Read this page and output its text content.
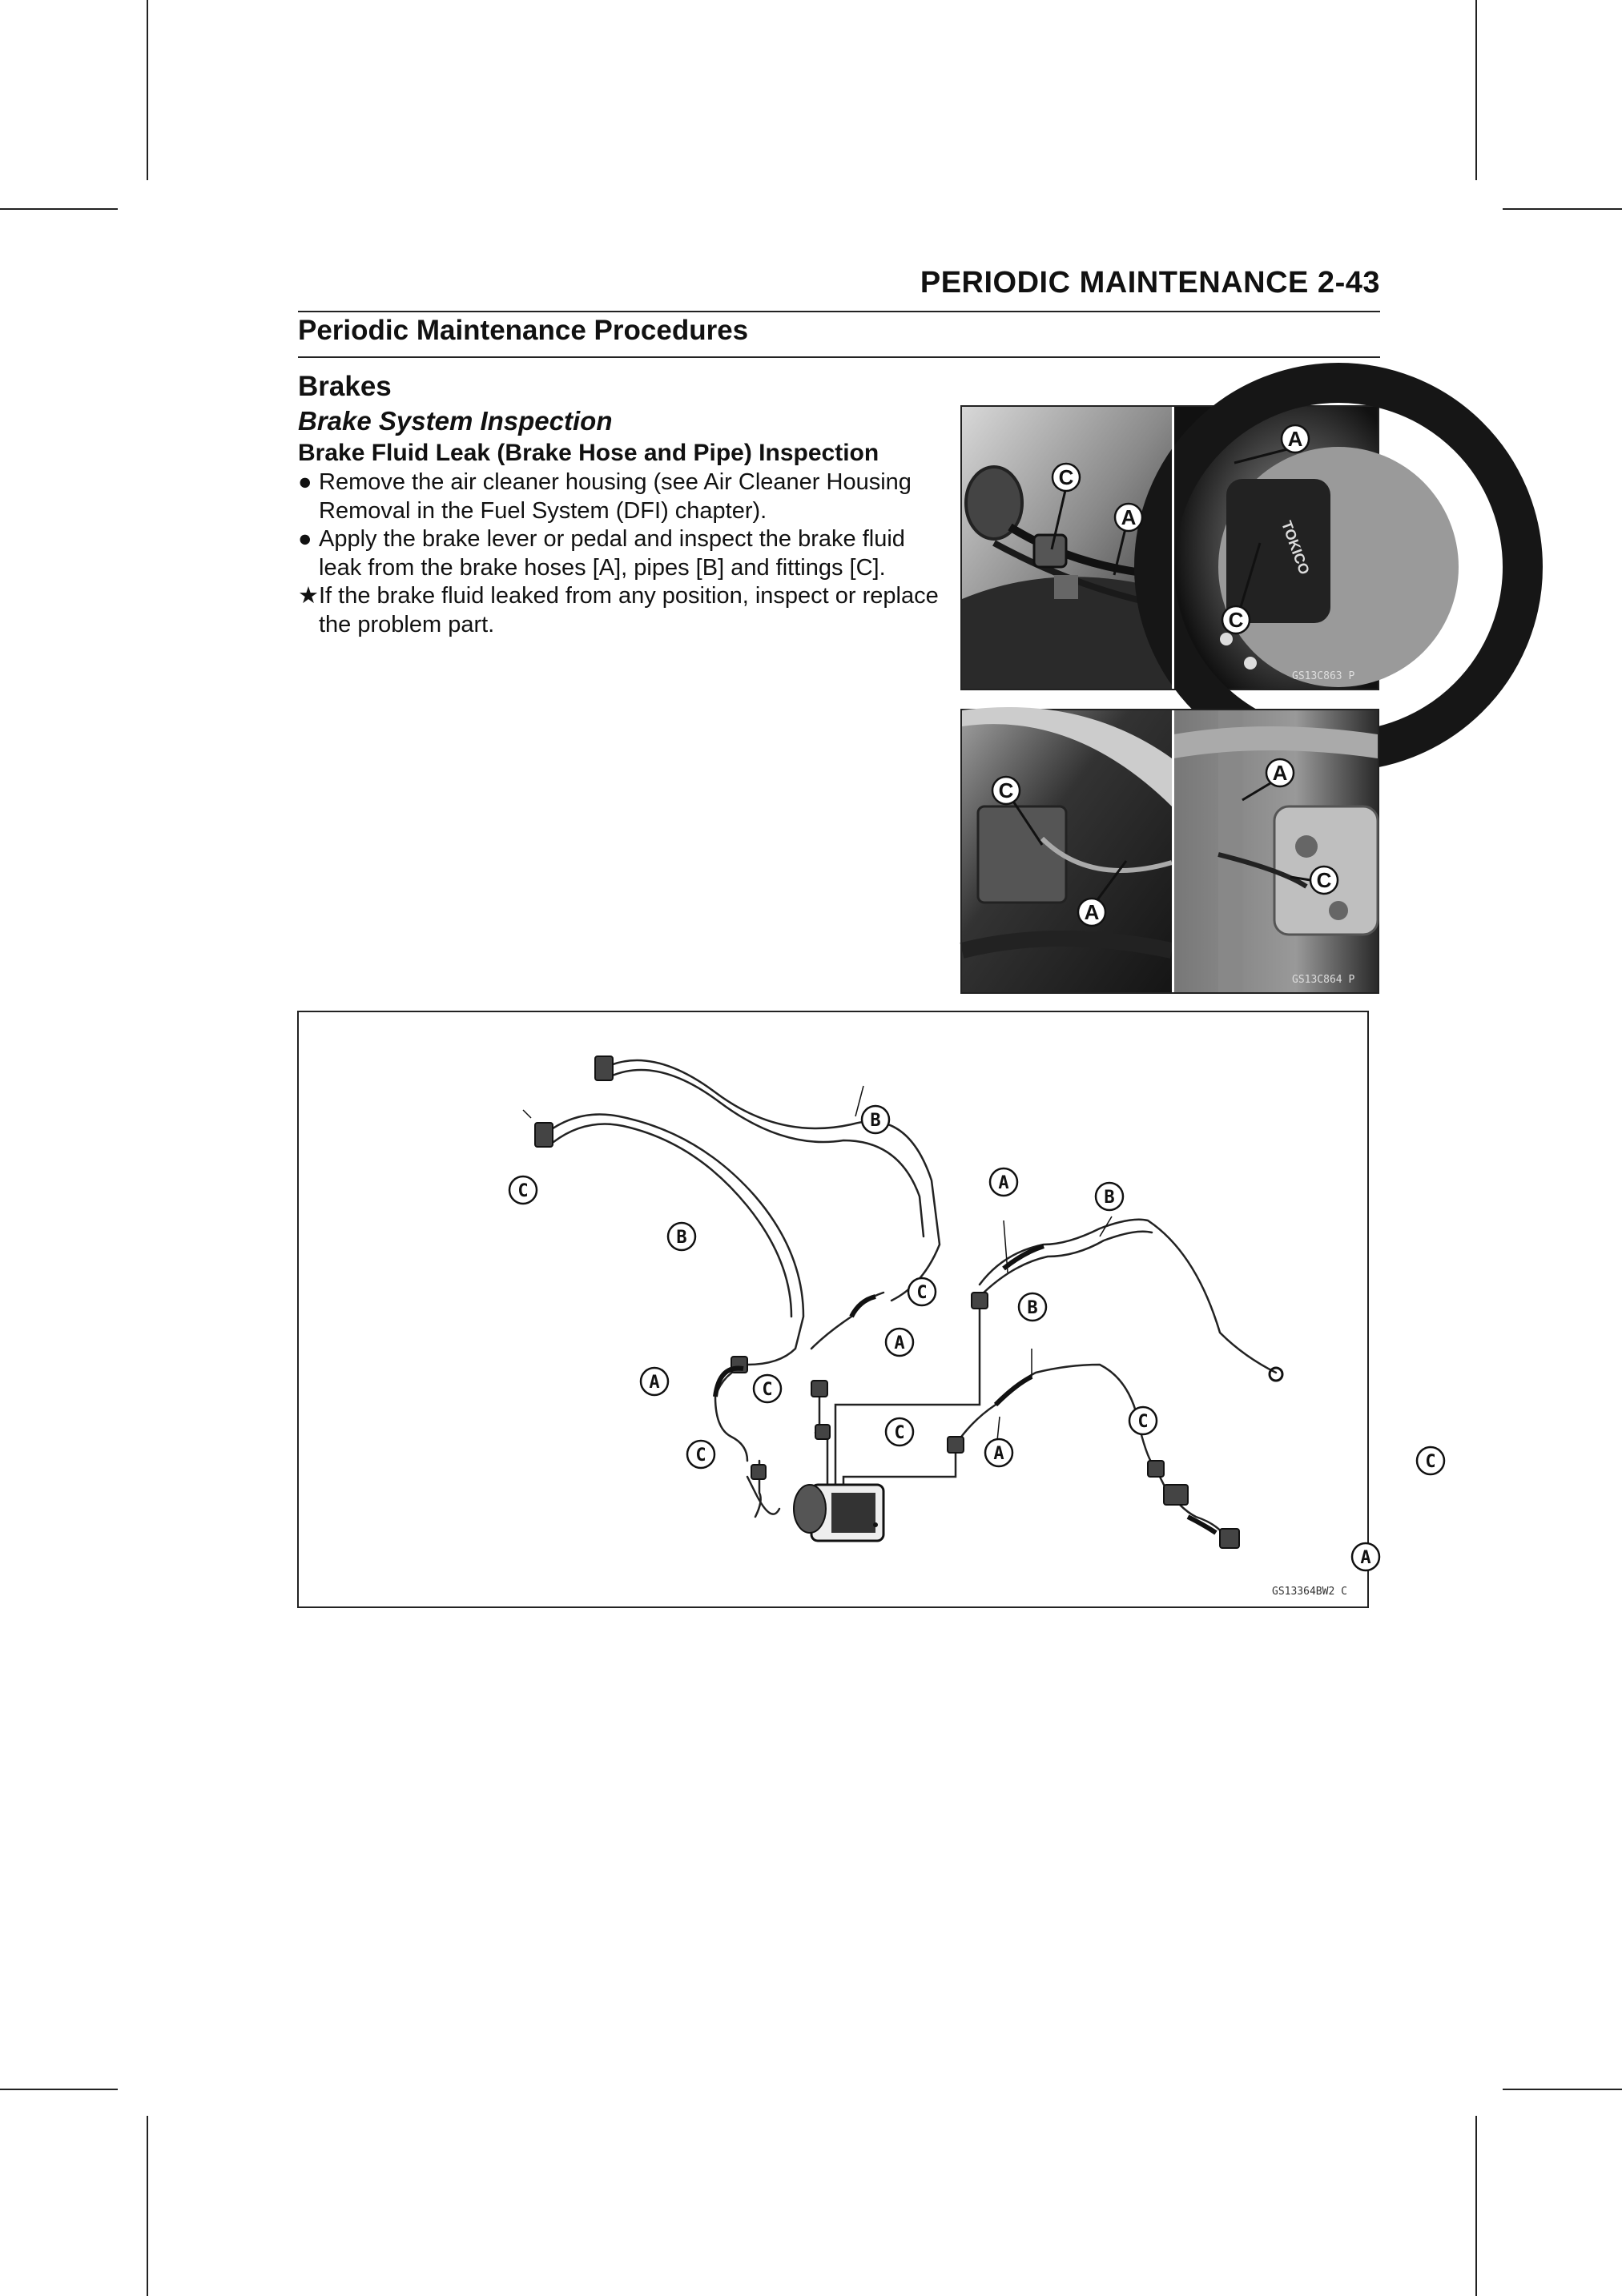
PERIODIC MAINTENANCE 2-43
Periodic Maintenance Procedures
Brakes
Brake System Inspection
Brake Fluid Leak (Brake Hose and Pipe) Inspection
● Remove the air cleaner housing (see Air Cleaner Housing Removal in the Fuel System (DFI) chapter).
● Apply the brake lever or pedal and inspect the brake fluid leak from the brake hoses [A], pipes [B] and fittings [C].
★ If the brake fluid leaked from any position, inspect or replace the problem part.
TOKICO
C
A
A
C
GS13C863 P
C
A
A
C
GS13C864 P
B
C
B
A
B
C
A
B
A	C
C
C
A
C	C
A
GS13364BW2 C
